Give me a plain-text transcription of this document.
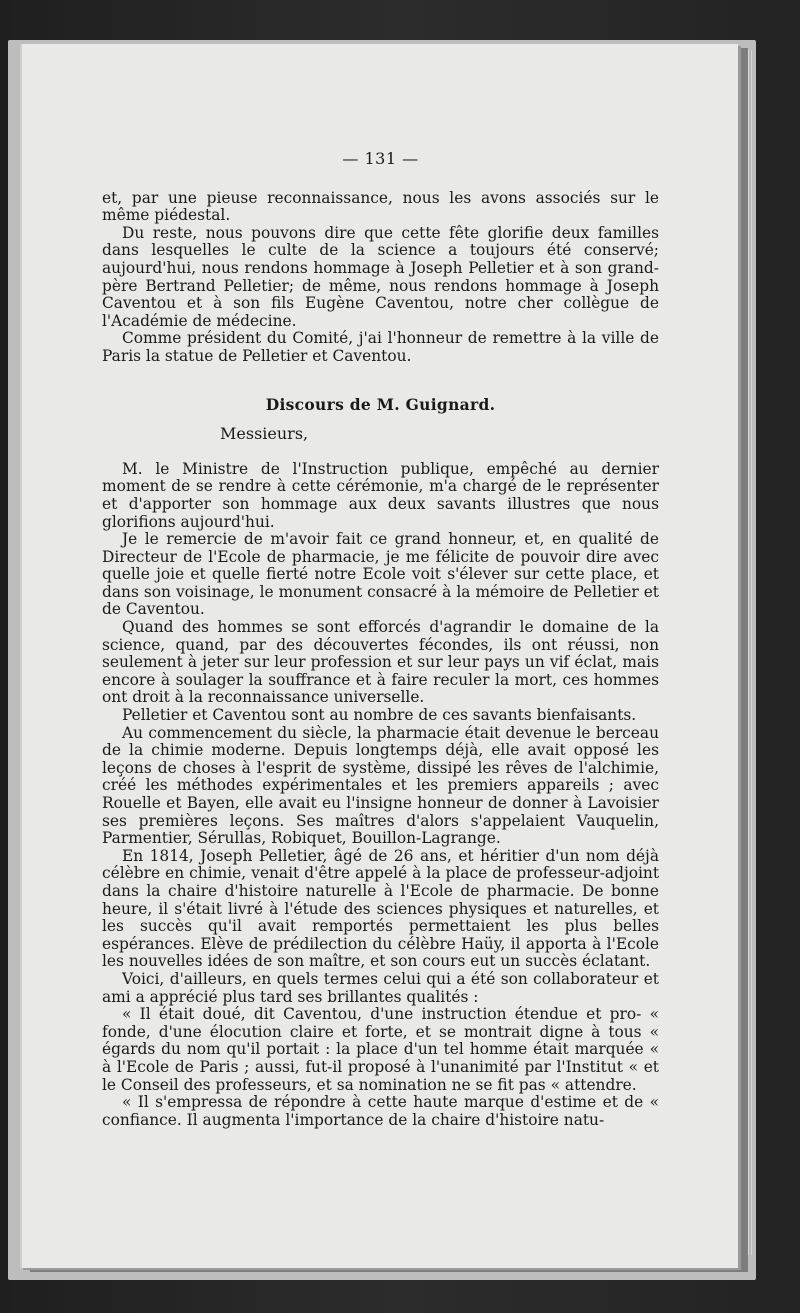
— 131 —

et, par une pieuse reconnaissance, nous les avons associés sur le même piédestal.

Du reste, nous pouvons dire que cette fête glorifie deux familles dans lesquelles le culte de la science a toujours été conservé; aujourd'hui, nous rendons hommage à Joseph Pelletier et à son grand-père Bertrand Pelletier; de même, nous rendons hommage à Joseph Caventou et à son fils Eugène Caventou, notre cher collègue de l'Académie de médecine.

Comme président du Comité, j'ai l'honneur de remettre à la ville de Paris la statue de Pelletier et Caventou.

Discours de M. Guignard.
Messieurs,

M. le Ministre de l'Instruction publique, empêché au dernier moment de se rendre à cette cérémonie, m'a chargé de le représenter et d'apporter son hommage aux deux savants illustres que nous glorifions aujourd'hui.

Je le remercie de m'avoir fait ce grand honneur, et, en qualité de Directeur de l'Ecole de pharmacie, je me félicite de pouvoir dire avec quelle joie et quelle fierté notre Ecole voit s'élever sur cette place, et dans son voisinage, le monument consacré à la mémoire de Pelletier et de Caventou.

Quand des hommes se sont efforcés d'agrandir le domaine de la science, quand, par des découvertes fécondes, ils ont réussi, non seulement à jeter sur leur profession et sur leur pays un vif éclat, mais encore à soulager la souffrance et à faire reculer la mort, ces hommes ont droit à la reconnaissance universelle.

Pelletier et Caventou sont au nombre de ces savants bienfaisants.

Au commencement du siècle, la pharmacie était devenue le berceau de la chimie moderne. Depuis longtemps déjà, elle avait opposé les leçons de choses à l'esprit de système, dissipé les rêves de l'alchimie, créé les méthodes expérimentales et les premiers appareils ; avec Rouelle et Bayen, elle avait eu l'insigne honneur de donner à Lavoisier ses premières leçons. Ses maîtres d'alors s'appelaient Vauquelin, Parmentier, Sérullas, Robiquet, Bouillon-Lagrange.

En 1814, Joseph Pelletier, âgé de 26 ans, et héritier d'un nom déjà célèbre en chimie, venait d'être appelé à la place de professeur-adjoint dans la chaire d'histoire naturelle à l'Ecole de pharmacie. De bonne heure, il s'était livré à l'étude des sciences physiques et naturelles, et les succès qu'il avait remportés permettaient les plus belles espérances. Elève de prédilection du célèbre Haüy, il apporta à l'Ecole les nouvelles idées de son maître, et son cours eut un succès éclatant.

Voici, d'ailleurs, en quels termes celui qui a été son collaborateur et ami a apprécié plus tard ses brillantes qualités :

« Il était doué, dit Caventou, d'une instruction étendue et pro- « fonde, d'une élocution claire et forte, et se montrait digne à tous « égards du nom qu'il portait : la place d'un tel homme était marquée « à l'Ecole de Paris ; aussi, fut-il proposé à l'unanimité par l'Institut « et le Conseil des professeurs, et sa nomination ne se fit pas « attendre.

« Il s'empressa de répondre à cette haute marque d'estime et de « confiance. Il augmenta l'importance de la chaire d'histoire natu-
